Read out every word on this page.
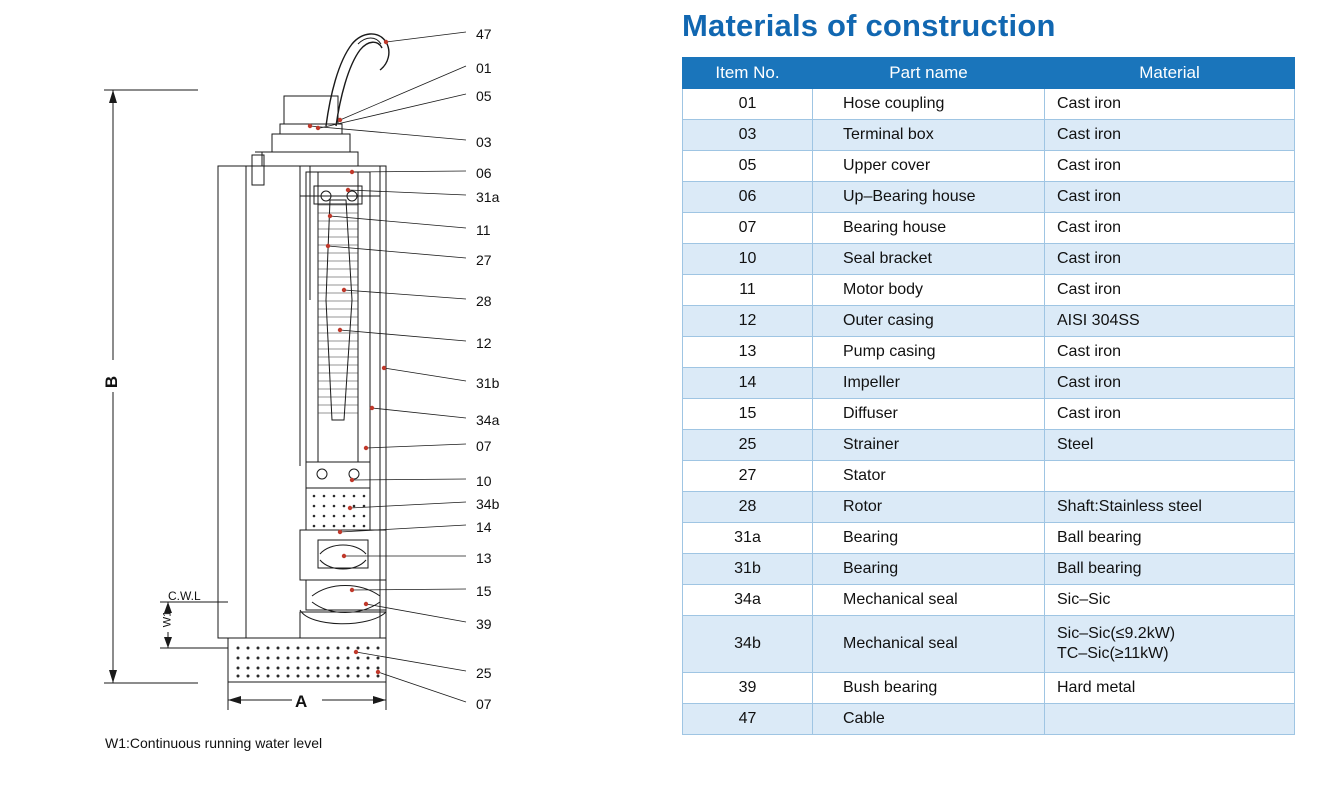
47
01
05
03
06
31a
11
27
28
12
31b
34a
07
10
34b
14
13
15
39
25
07
B
A
W1
C.W.L
W1:Continuous running water level
Materials of construction
Item No.	Part name	Material
01	Hose coupling	Cast iron
03	Terminal box	Cast iron
05	Upper cover	Cast iron
06	Up–Bearing house	Cast iron
07	Bearing house	Cast iron
10	Seal bracket	Cast iron
11	Motor body	Cast iron
12	Outer casing	AISI 304SS
13	Pump casing	Cast iron
14	Impeller	Cast iron
15	Diffuser	Cast iron
25	Strainer	Steel
27	Stator	
28	Rotor	Shaft:Stainless steel
31a	Bearing	Ball bearing
31b	Bearing	Ball bearing
34a	Mechanical seal	Sic–Sic
34b	Mechanical seal	Sic–Sic(≤9.2kW)
TC–Sic(≥11kW)

39	Bush bearing	Hard metal
47	Cable	
